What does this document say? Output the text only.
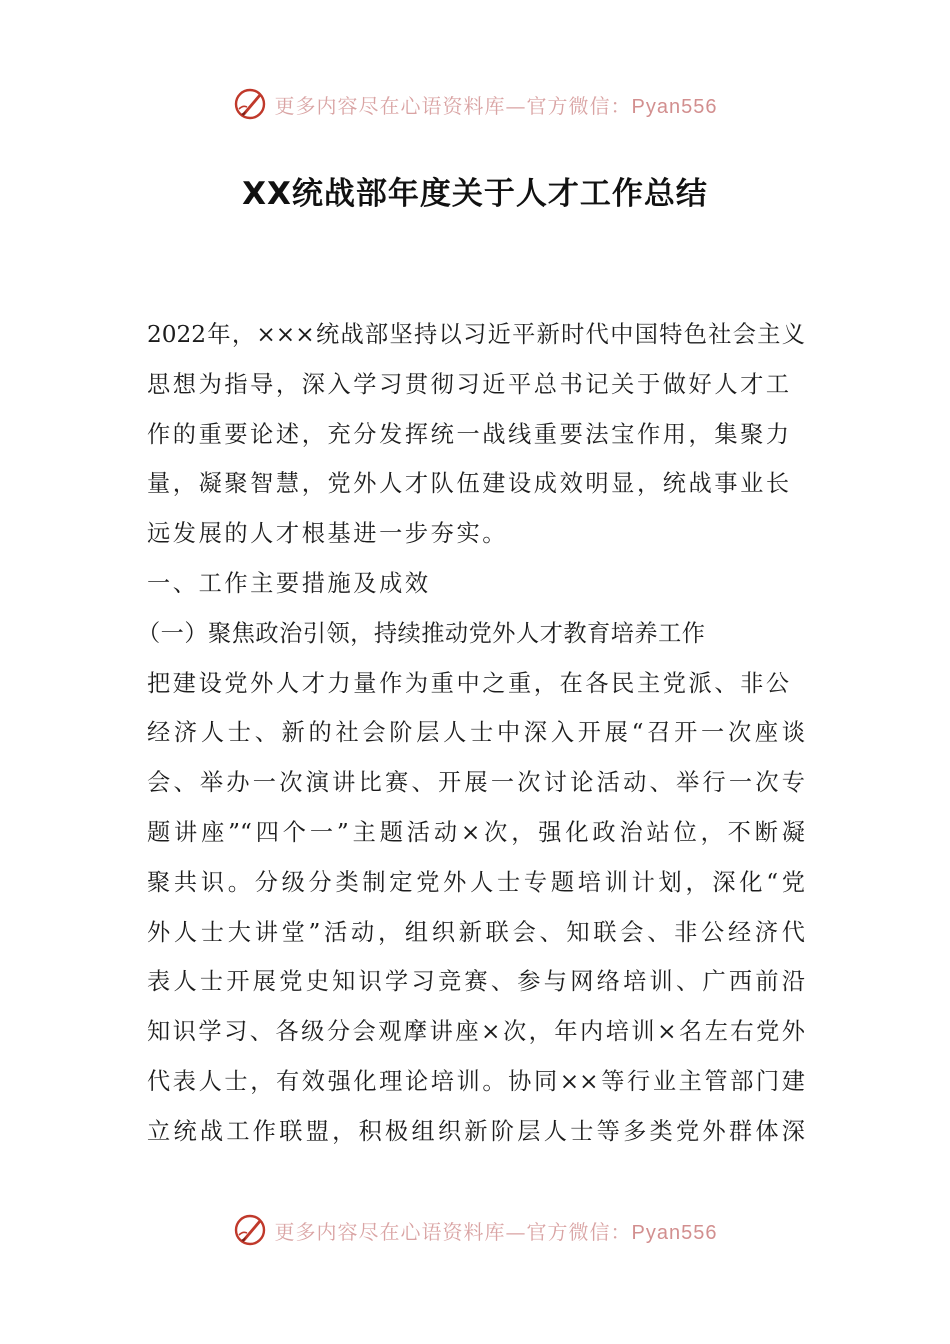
更多内容尽在心语资料库—官方微信：Pyan556
XX统战部年度关于人才工作总结
2022年，×××统战部坚持以习近平新时代中国特色社会主义
思想为指导，深入学习贯彻习近平总书记关于做好人才工
作的重要论述，充分发挥统一战线重要法宝作用，集聚力
量，凝聚智慧，党外人才队伍建设成效明显，统战事业长
远发展的人才根基进一步夯实。
一、工作主要措施及成效
（一）聚焦政治引领，持续推动党外人才教育培养工作
把建设党外人才力量作为重中之重，在各民主党派、非公
经济人士、新的社会阶层人士中深入开展“召开一次座谈
会、举办一次演讲比赛、开展一次讨论活动、举行一次专
题讲座”“四个一”主题活动×次，强化政治站位，不断凝
聚共识。分级分类制定党外人士专题培训计划，深化“党
外人士大讲堂”活动，组织新联会、知联会、非公经济代
表人士开展党史知识学习竞赛、参与网络培训、广西前沿
知识学习、各级分会观摩讲座×次，年内培训×名左右党外
代表人士，有效强化理论培训。协同××等行业主管部门建
立统战工作联盟，积极组织新阶层人士等多类党外群体深
更多内容尽在心语资料库—官方微信：Pyan556
